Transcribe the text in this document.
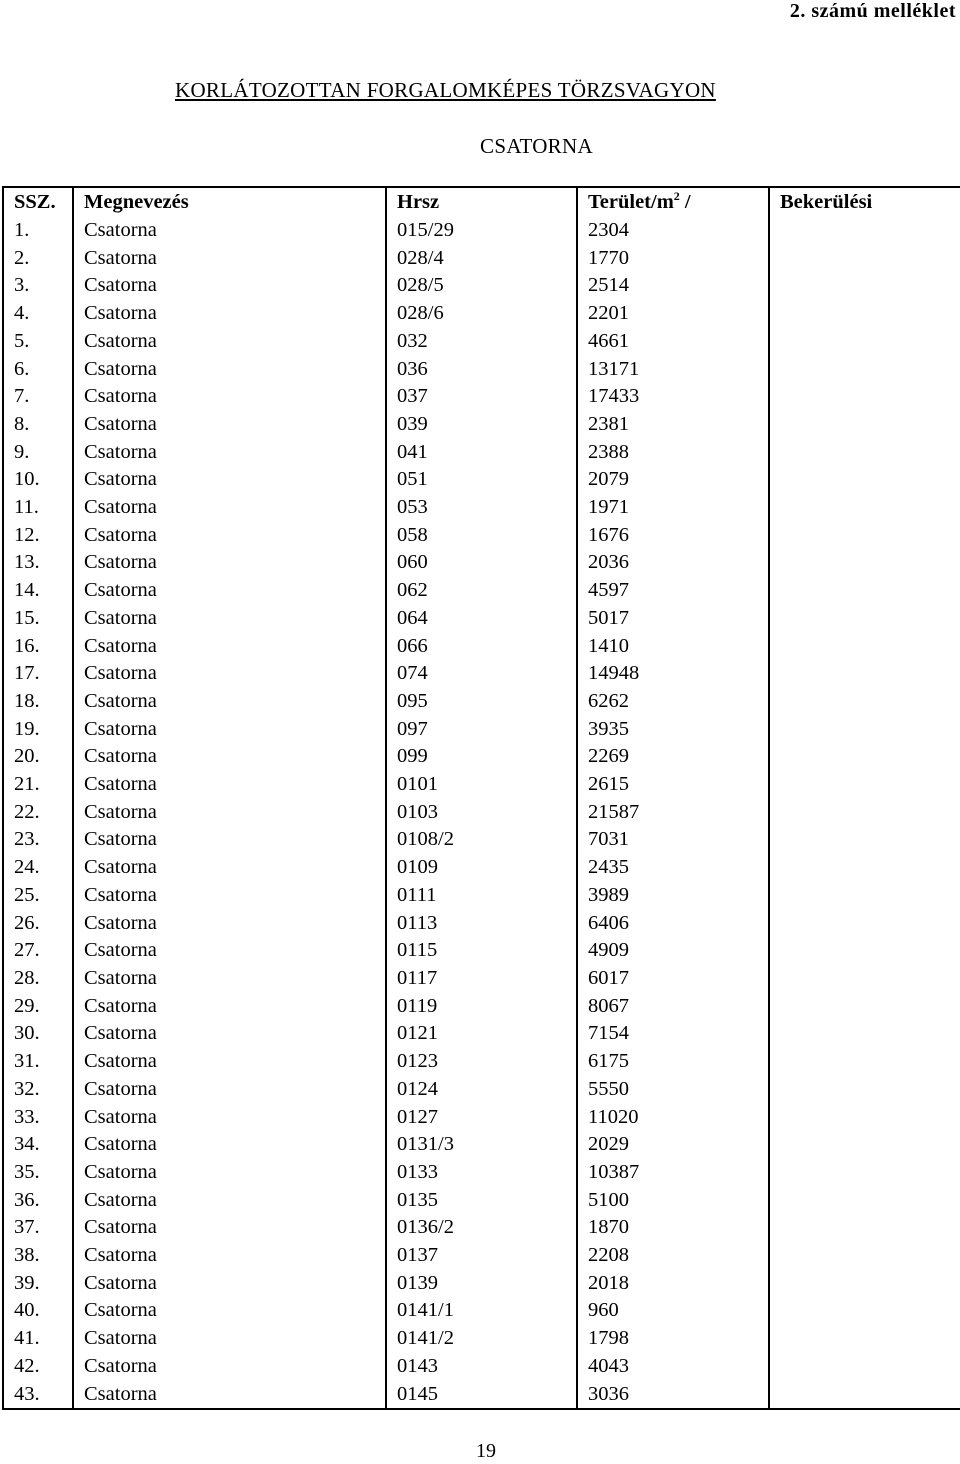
2. számú melléklet
KORLÁTOZOTTAN FORGALOMKÉPES TÖRZSVAGYON
CSATORNA
SSZ.	Megnevezés	Hrsz	Terület/$m^2$ /	Bekerülési
1.	Csatorna	015/29	2304	
2.	Csatorna	028/4	1770	
3.	Csatorna	028/5	2514	
4.	Csatorna	028/6	2201	
5.	Csatorna	032	4661	
6.	Csatorna	036	13171	
7.	Csatorna	037	17433	
8.	Csatorna	039	2381	
9.	Csatorna	041	2388	
10.	Csatorna	051	2079	
11.	Csatorna	053	1971	
12.	Csatorna	058	1676	
13.	Csatorna	060	2036	
14.	Csatorna	062	4597	
15.	Csatorna	064	5017	
16.	Csatorna	066	1410	
17.	Csatorna	074	14948	
18.	Csatorna	095	6262	
19.	Csatorna	097	3935	
20.	Csatorna	099	2269	
21.	Csatorna	0101	2615	
22.	Csatorna	0103	21587	
23.	Csatorna	0108/2	7031	
24.	Csatorna	0109	2435	
25.	Csatorna	0111	3989	
26.	Csatorna	0113	6406	
27.	Csatorna	0115	4909	
28.	Csatorna	0117	6017	
29.	Csatorna	0119	8067	
30.	Csatorna	0121	7154	
31.	Csatorna	0123	6175	
32.	Csatorna	0124	5550	
33.	Csatorna	0127	11020	
34.	Csatorna	0131/3	2029	
35.	Csatorna	0133	10387	
36.	Csatorna	0135	5100	
37.	Csatorna	0136/2	1870	
38.	Csatorna	0137	2208	
39.	Csatorna	0139	2018	
40.	Csatorna	0141/1	960	
41.	Csatorna	0141/2	1798	
42.	Csatorna	0143	4043	
43.	Csatorna	0145	3036	
19
